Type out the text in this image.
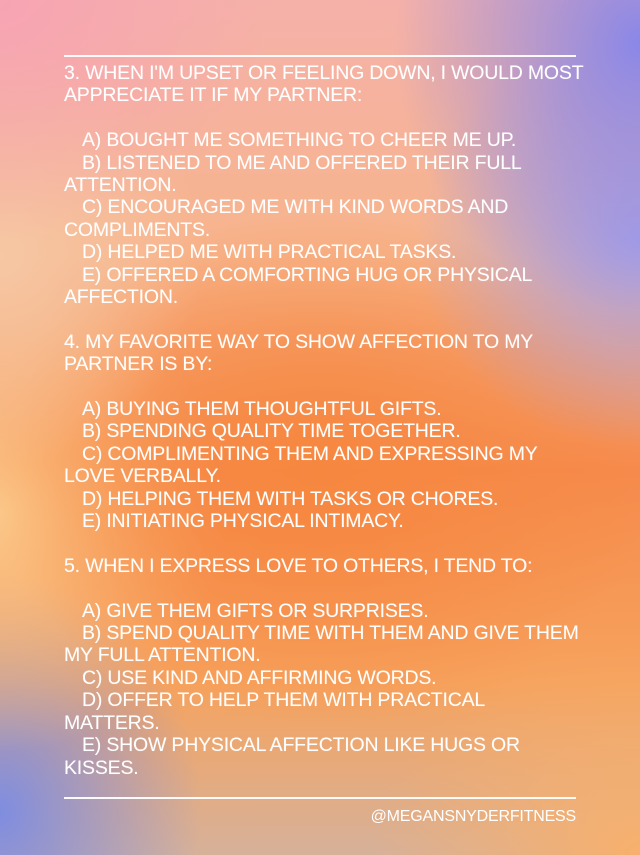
3. WHEN I'M UPSET OR FEELING DOWN, I WOULD MOST APPRECIATE IT IF MY PARTNER:

A) BOUGHT ME SOMETHING TO CHEER ME UP.

B) LISTENED TO ME AND OFFERED THEIR FULL ATTENTION.

C) ENCOURAGED ME WITH KIND WORDS AND COMPLIMENTS.

D) HELPED ME WITH PRACTICAL TASKS.

E) OFFERED A COMFORTING HUG OR PHYSICAL AFFECTION.

4. MY FAVORITE WAY TO SHOW AFFECTION TO MY PARTNER IS BY:

A) BUYING THEM THOUGHTFUL GIFTS.

B) SPENDING QUALITY TIME TOGETHER.

C) COMPLIMENTING THEM AND EXPRESSING MY LOVE VERBALLY.

D) HELPING THEM WITH TASKS OR CHORES.

E) INITIATING PHYSICAL INTIMACY.

5. WHEN I EXPRESS LOVE TO OTHERS, I TEND TO:

A) GIVE THEM GIFTS OR SURPRISES.

B) SPEND QUALITY TIME WITH THEM AND GIVE THEM MY FULL ATTENTION.

C) USE KIND AND AFFIRMING WORDS.

D) OFFER TO HELP THEM WITH PRACTICAL MATTERS.

E) SHOW PHYSICAL AFFECTION LIKE HUGS OR KISSES.

@MEGANSNYDERFITNESS
